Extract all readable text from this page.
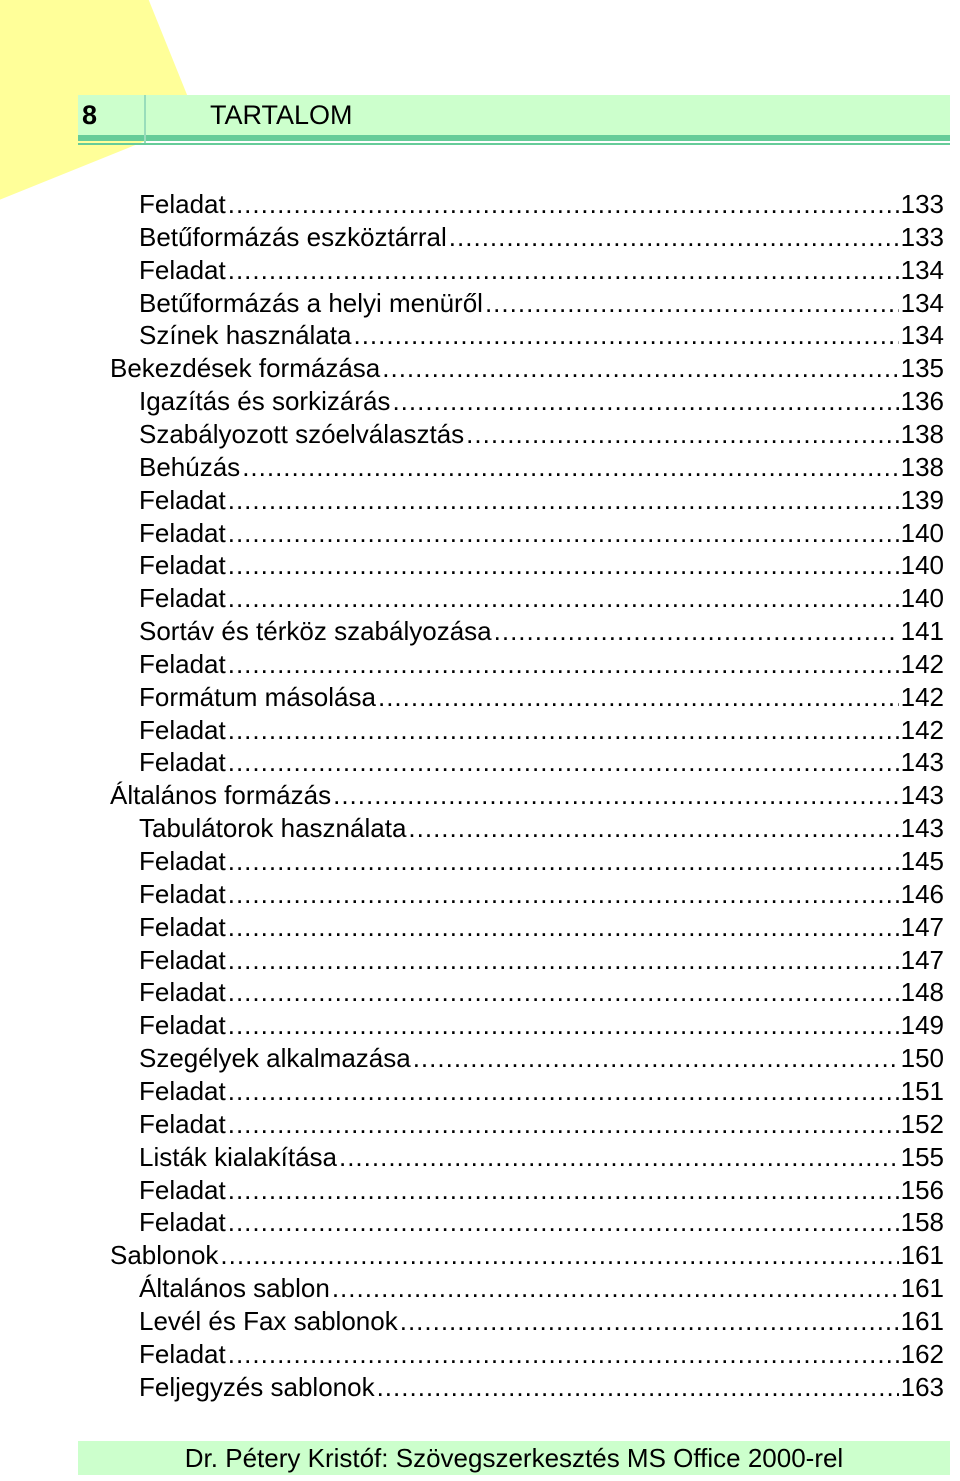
8	TARTALOM
Feladat .....	133
Betűformázás eszköztárral .....	133
Feladat .....	134
Betűformázás a helyi menüről .....	134
Színek használata .....	134
Bekezdések formázása .....	135
Igazítás és sorkizárás .....	136
Szabályozott szóelválasztás .....	138
Behúzás .....	138
Feladat .....	139
Feladat .....	140
Feladat .....	140
Feladat .....	140
Sortáv és térköz szabályozása .....	141
Feladat .....	142
Formátum másolása .....	142
Feladat .....	142
Feladat .....	143
Általános formázás .....	143
Tabulátorok használata .....	143
Feladat .....	145
Feladat .....	146
Feladat .....	147
Feladat .....	147
Feladat .....	148
Feladat .....	149
Szegélyek alkalmazása .....	150
Feladat .....	151
Feladat .....	152
Listák kialakítása .....	155
Feladat .....	156
Feladat .....	158
Sablonok .....	161
Általános sablon .....	161
Levél és Fax sablonok .....	161
Feladat .....	162
Feljegyzés sablonok .....	163
Dr. Pétery Kristóf: Szövegszerkesztés MS Office 2000-rel
